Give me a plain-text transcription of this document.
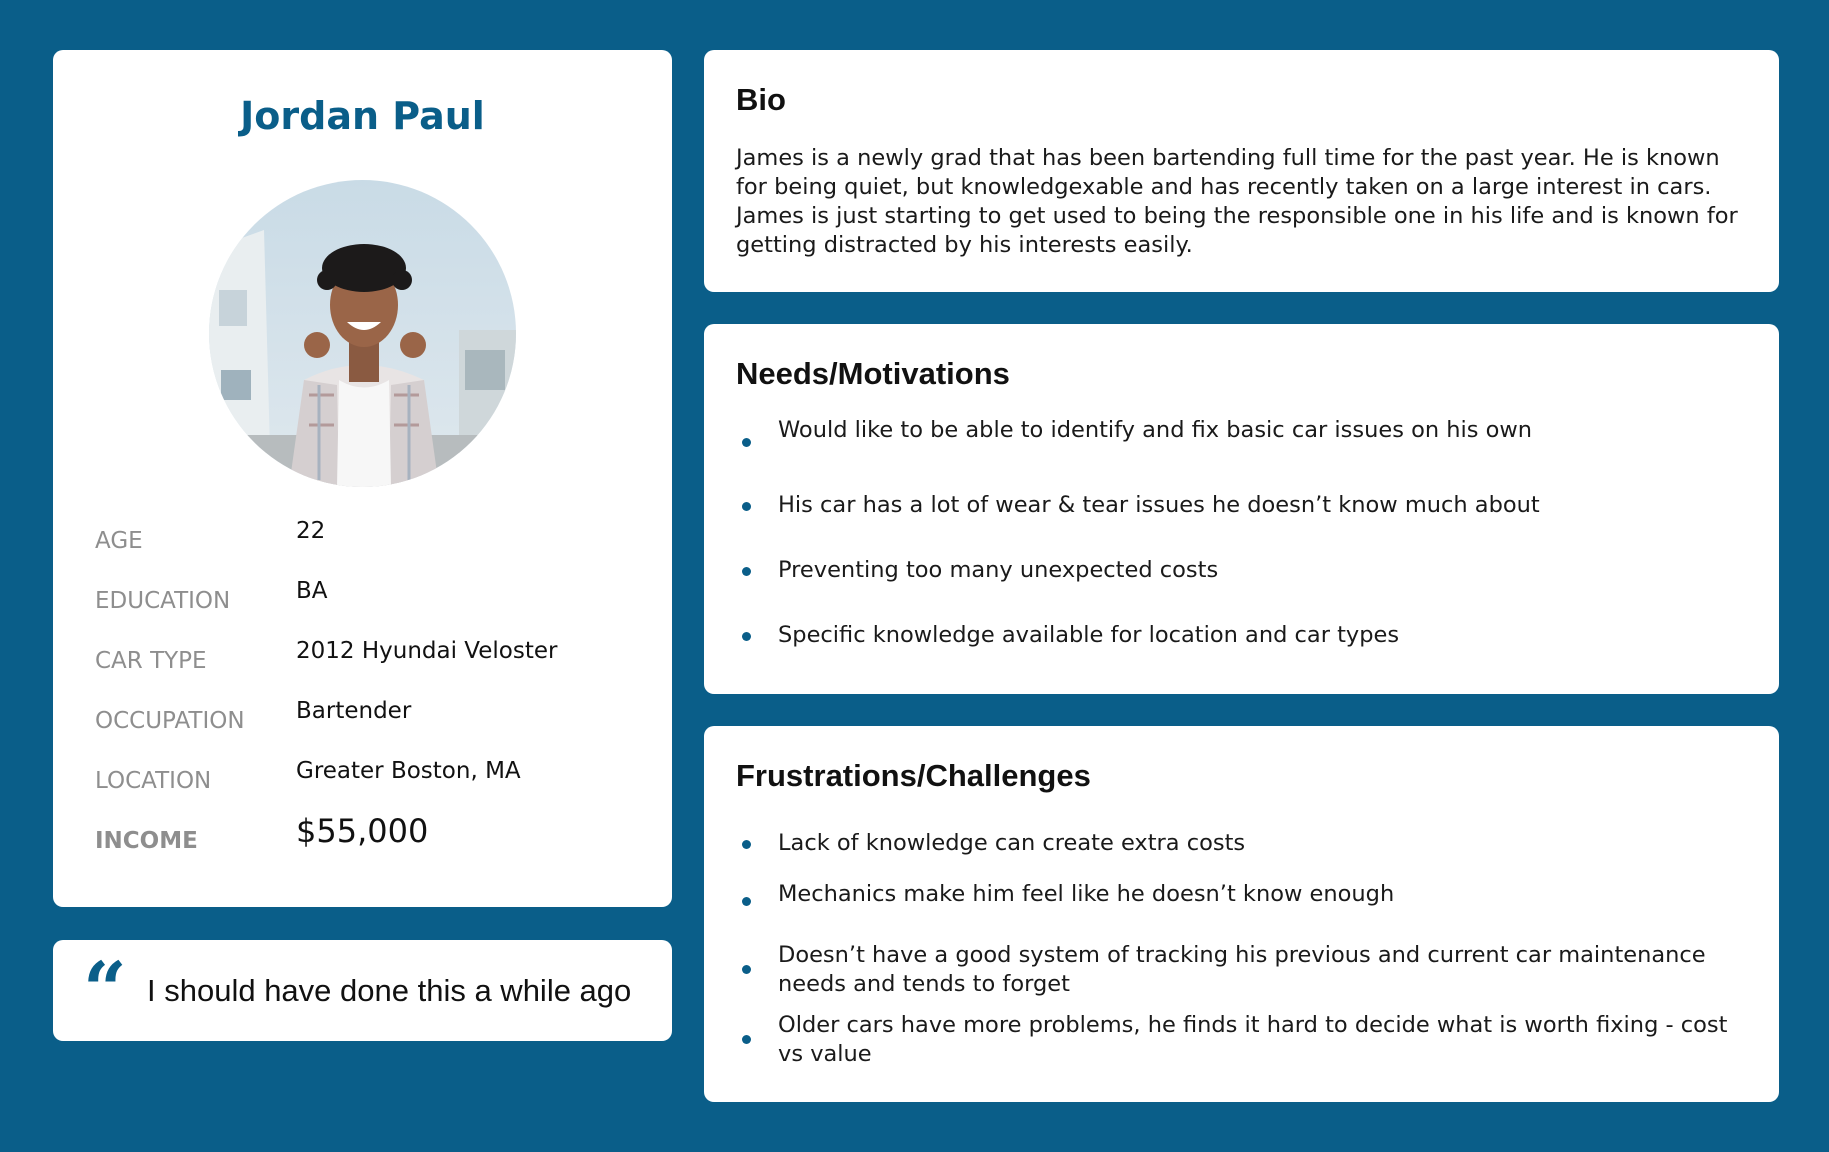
Jordan Paul
AGE	22
EDUCATION	BA
CAR TYPE	2012 Hyundai Veloster
OCCUPATION Bartender
LOCATION	Greater Boston, MA
INCOME	$55,000
“ I should have done this a while ago
Bio
James is a newly grad that has been bartending full time for the past year. He is known for being quiet, but knowledgexable and has recently taken on a large interest in cars. James is just starting to get used to being the responsible one in his life and is known for getting distracted by his interests easily.
Needs/Motivations
Would like to be able to identify and fix basic car issues on his own
His car has a lot of wear & tear issues he doesn’t know much about
Preventing too many unexpected costs
Specific knowledge available for location and car types
Frustrations/Challenges
Lack of knowledge can create extra costs
Mechanics make him feel like he doesn’t know enough
Doesn’t have a good system of tracking his previous and current car maintenance needs and tends to forget
Older cars have more problems, he finds it hard to decide what is worth fixing - cost vs value
